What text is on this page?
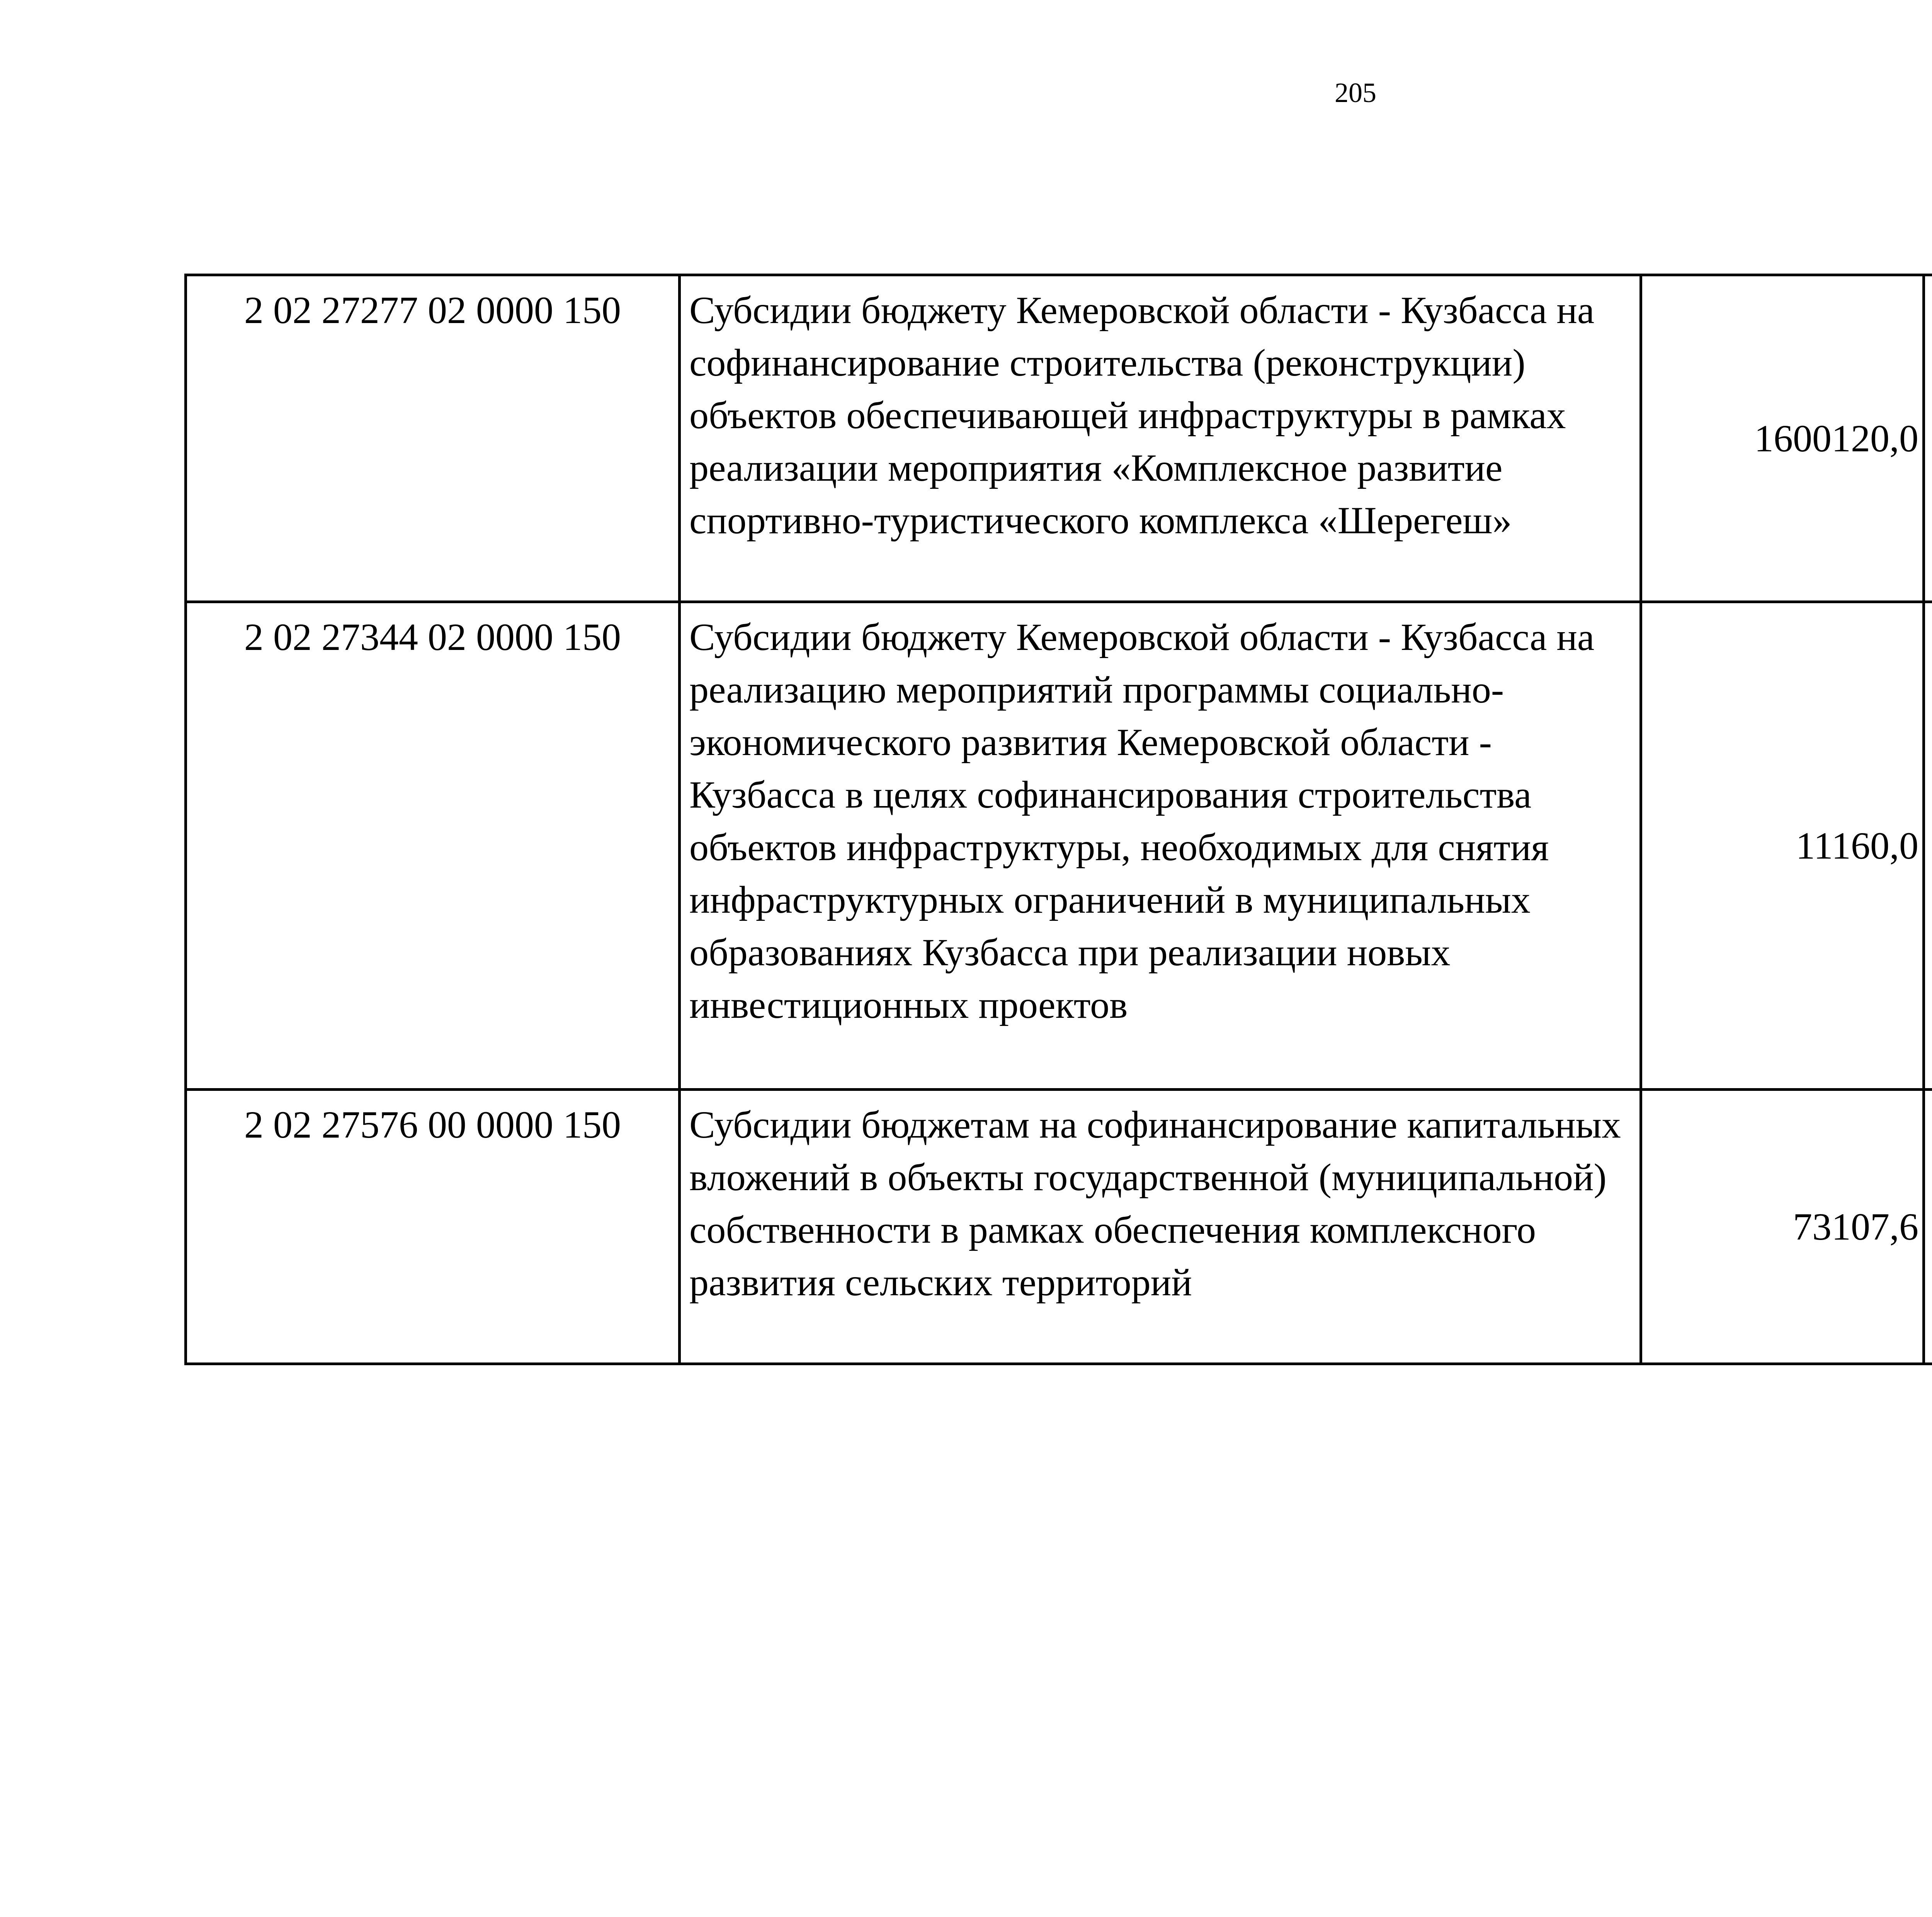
205
2 02 27277 02 0000 150	Субсидии бюджету Кемеровской области - Кузбасса на софинансирование строительства (реконструкции) объектов обеспечивающей инфраструктуры в рамках реализации мероприятия «Комплексное развитие спортивно-туристического комплекса «Шерегеш»	1600120,0		
2 02 27344 02 0000 150	Субсидии бюджету Кемеровской области - Кузбасса на реализацию мероприятий программы социально-экономического развития Кемеровской области - Кузбасса в целях софинансирования строительства объектов инфраструктуры, необходимых для снятия инфраструктурных ограничений в муниципальных образованиях Кузбасса при реализации новых инвестиционных проектов	11160,0		
2 02 27576 00 0000 150	Субсидии бюджетам на софинансирование капитальных вложений в объекты государственной (муниципальной) собственности в рамках обеспечения комплексного развития сельских территорий	73107,6		
